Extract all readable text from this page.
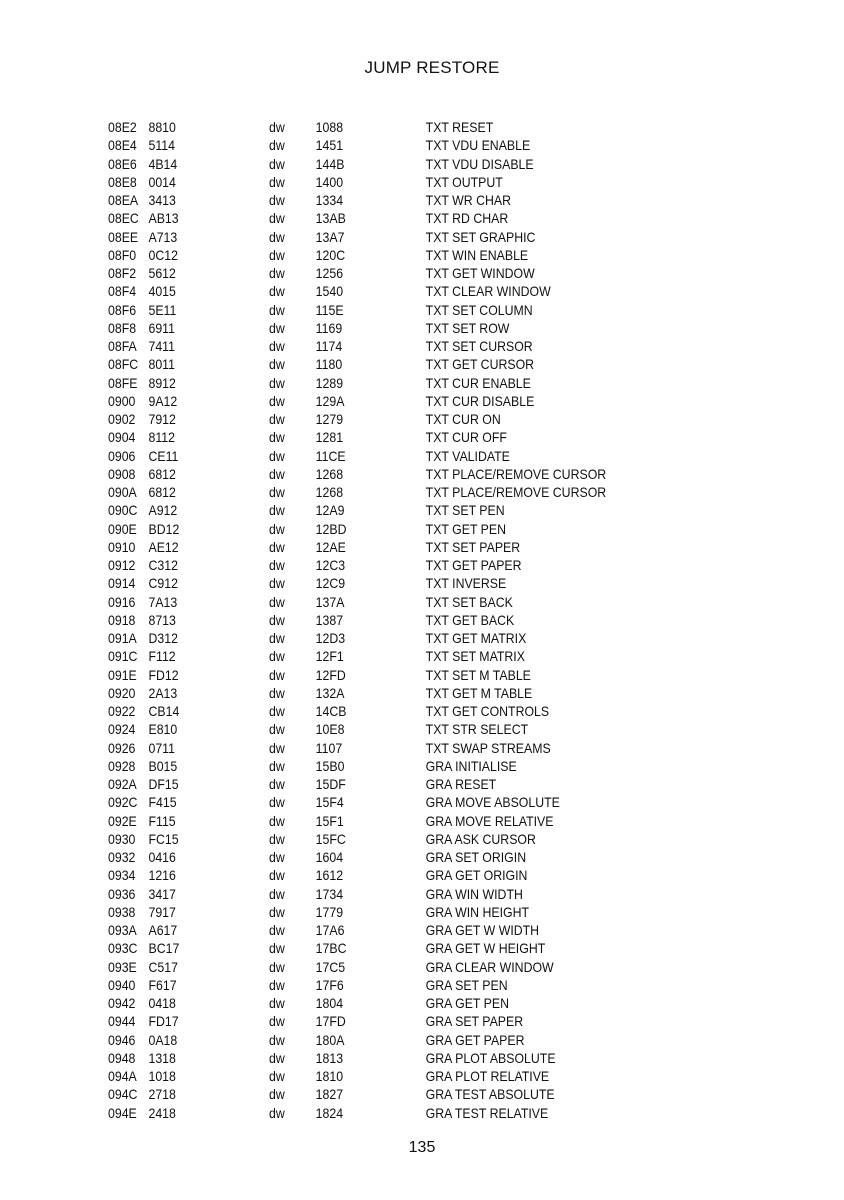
JUMP RESTORE
08E2 8810	dw 1088	TXT RESET
08E4 5114	dw 1451	TXT VDU ENABLE
08E6 4B14	dw 144B	TXT VDU DISABLE
08E8 0014	dw 1400	TXT OUTPUT
08EA 3413	dw 1334	TXT WR CHAR
08EC AB13	dw 13AB	TXT RD CHAR
08EE A713	dw 13A7	TXT SET GRAPHIC
08F0 0C12	dw 120C	TXT WIN ENABLE
08F2 5612	dw 1256	TXT GET WINDOW
08F4 4015	dw 1540	TXT CLEAR WINDOW
08F6 5E11	dw 115E	TXT SET COLUMN
08F8 6911	dw 1169	TXT SET ROW
08FA 7411	dw 1174	TXT SET CURSOR
08FC 8011	dw 1180	TXT GET CURSOR
08FE 8912	dw 1289	TXT CUR ENABLE
0900 9A12	dw 129A	TXT CUR DISABLE
0902 7912	dw 1279	TXT CUR ON
0904 8112	dw 1281	TXT CUR OFF
0906 CE11	dw 11CE	TXT VALIDATE
0908 6812	dw 1268	TXT PLACE/REMOVE CURSOR
090A 6812	dw 1268	TXT PLACE/REMOVE CURSOR
090C A912	dw 12A9	TXT SET PEN
090E BD12	dw 12BD	TXT GET PEN
0910 AE12	dw 12AE	TXT SET PAPER
0912 C312	dw 12C3	TXT GET PAPER
0914 C912	dw 12C9	TXT INVERSE
0916 7A13	dw 137A	TXT SET BACK
0918 8713	dw 1387	TXT GET BACK
091A D312	dw 12D3	TXT GET MATRIX
091C F112	dw 12F1	TXT SET MATRIX
091E FD12	dw 12FD	TXT SET M TABLE
0920 2A13	dw 132A	TXT GET M TABLE
0922 CB14	dw 14CB	TXT GET CONTROLS
0924 E810	dw 10E8	TXT STR SELECT
0926 0711	dw 1107	TXT SWAP STREAMS
0928 B015	dw 15B0	GRA INITIALISE
092A DF15	dw 15DF	GRA RESET
092C F415	dw 15F4	GRA MOVE ABSOLUTE
092E F115	dw 15F1	GRA MOVE RELATIVE
0930 FC15	dw 15FC	GRA ASK CURSOR
0932 0416	dw 1604	GRA SET ORIGIN
0934 1216	dw 1612	GRA GET ORIGIN
0936 3417	dw 1734	GRA WIN WIDTH
0938 7917	dw 1779	GRA WIN HEIGHT
093A A617	dw 17A6	GRA GET W WIDTH
093C BC17	dw 17BC	GRA GET W HEIGHT
093E C517	dw 17C5	GRA CLEAR WINDOW
0940 F617	dw 17F6	GRA SET PEN
0942 0418	dw 1804	GRA GET PEN
0944 FD17	dw 17FD	GRA SET PAPER
0946 0A18	dw 180A	GRA GET PAPER
0948 1318	dw 1813	GRA PLOT ABSOLUTE
094A 1018	dw 1810	GRA PLOT RELATIVE
094C 2718	dw 1827	GRA TEST ABSOLUTE
094E 2418	dw 1824	GRA TEST RELATIVE
135
